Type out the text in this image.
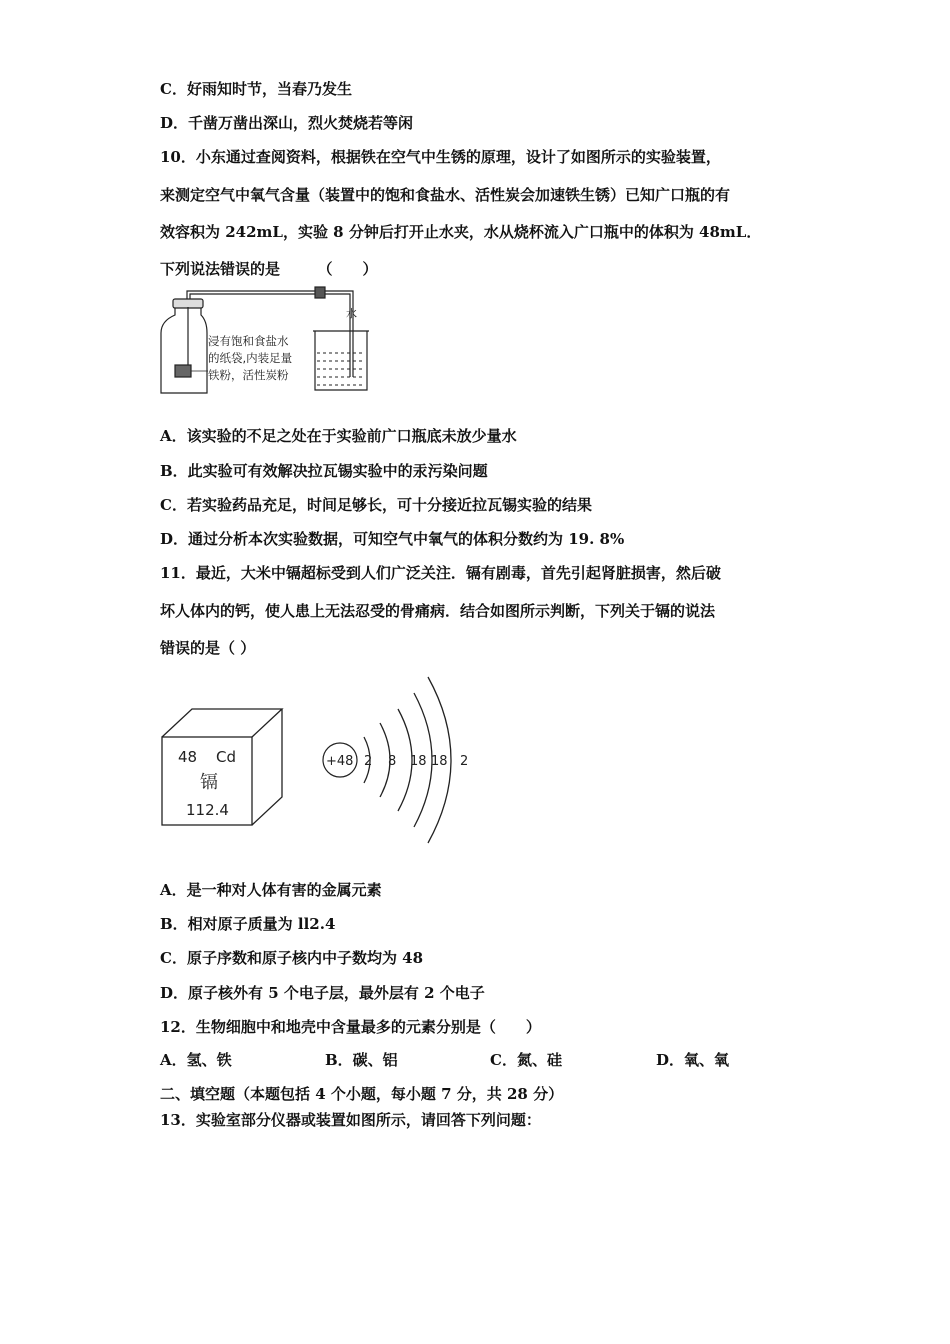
C．好雨知时节，当春乃发生
D．千凿万凿出深山，烈火焚烧若等闲
10．小东通过查阅资料，根据铁在空气中生锈的原理，设计了如图所示的实验装置，
来测定空气中氧气含量（装置中的饱和食盐水、活性炭会加速铁生锈）已知广口瓶的有
效容积为 242mL，实验 8 分钟后打开止水夹，水从烧杯流入广口瓶中的体积为 48mL．
下列说法错误的是　　　（　　）
水
浸有饱和食盐水
的纸袋,内装足量
铁粉，活性炭粉
A．该实验的不足之处在于实验前广口瓶底未放少量水
B．此实验可有效解决拉瓦锡实验中的汞污染问题
C．若实验药品充足，时间足够长，可十分接近拉瓦锡实验的结果
D．通过分析本次实验数据，可知空气中氧气的体积分数约为 19. 8%
11．最近，大米中镉超标受到人们广泛关注．镉有剧毒，首先引起肾脏损害，然后破
坏人体内的钙，使人患上无法忍受的骨痛病．结合如图所示判断，下列关于镉的说法
错误的是（ ）
48 Cd
镉
112.4
+48 2 8 18 18 2
A．是一种对人体有害的金属元素
B．相对原子质量为 ll2.4
C．原子序数和原子核内中子数均为 48
D．原子核外有 5 个电子层，最外层有 2 个电子
12．生物细胞中和地壳中含量最多的元素分别是（　　）
A．氢、铁	B．碳、铝	C．氮、硅	D．氧、氧
二、填空题（本题包括 4 个小题，每小题 7 分，共 28 分）
13．实验室部分仪器或装置如图所示，请回答下列问题：
